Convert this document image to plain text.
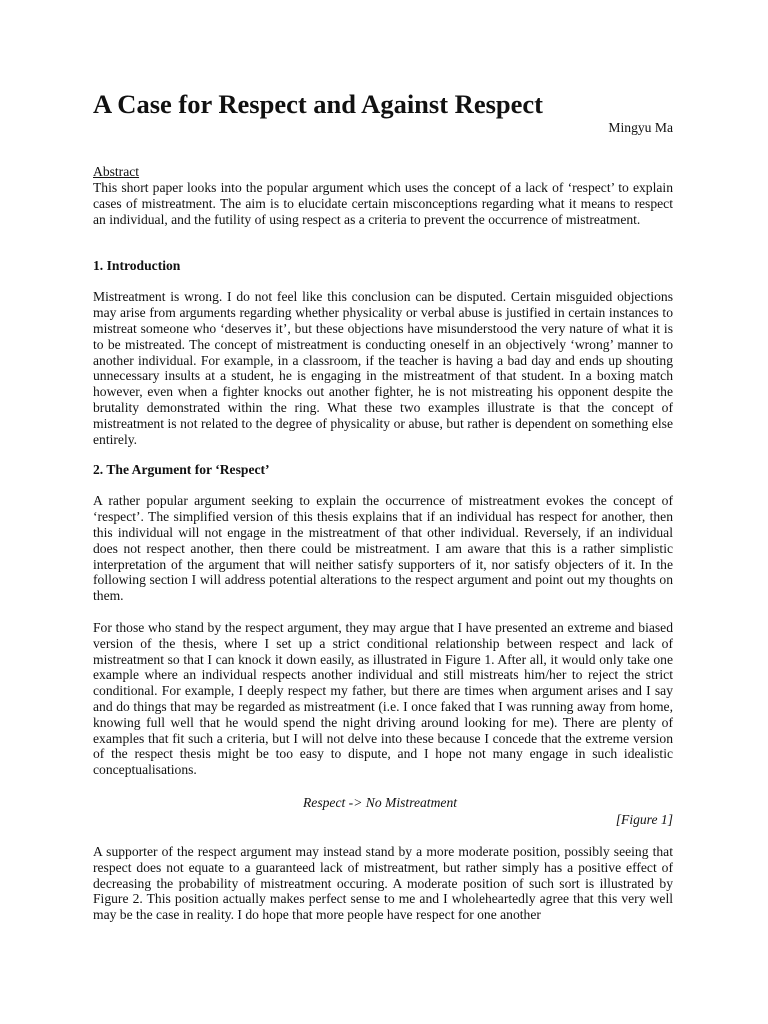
A Case for Respect and Against Respect
Mingyu Ma
Abstract

This short paper looks into the popular argument which uses the concept of a lack of ‘respect’ to explain cases of mistreatment. The aim is to elucidate certain misconceptions regarding what it means to respect an individual, and the futility of using respect as a criteria to prevent the occurrence of mistreatment.

1. Introduction

Mistreatment is wrong. I do not feel like this conclusion can be disputed. Certain misguided objections may arise from arguments regarding whether physicality or verbal abuse is justified in certain instances to mistreat someone who ‘deserves it’, but these objections have misunderstood the very nature of what it is to be mistreated. The concept of mistreatment is conducting oneself in an objectively ‘wrong’ manner to another individual. For example, in a classroom, if the teacher is having a bad day and ends up shouting unnecessary insults at a student, he is engaging in the mistreatment of that student. In a boxing match however, even when a fighter knocks out another fighter, he is not mistreating his opponent despite the brutality demonstrated within the ring. What these two examples illustrate is that the concept of mistreatment is not related to the degree of physicality or abuse, but rather is dependent on something else entirely.

2. The Argument for ‘Respect’

A rather popular argument seeking to explain the occurrence of mistreatment evokes the concept of ‘respect’. The simplified version of this thesis explains that if an individual has respect for another, then this individual will not engage in the mistreatment of that other individual. Reversely, if an individual does not respect another, then there could be mistreatment. I am aware that this is a rather simplistic interpretation of the argument that will neither satisfy supporters of it, nor satisfy objecters of it. In the following section I will address potential alterations to the respect argument and point out my thoughts on them.

For those who stand by the respect argument, they may argue that I have presented an extreme and biased version of the thesis, where I set up a strict conditional relationship between respect and lack of mistreatment so that I can knock it down easily, as illustrated in Figure 1. After all, it would only take one example where an individual respects another individual and still mistreats him/her to reject the strict conditional. For example, I deeply respect my father, but there are times when argument arises and I say and do things that may be regarded as mistreatment (i.e. I once faked that I was running away from home, knowing full well that he would spend the night driving around looking for me). There are plenty of examples that fit such a criteria, but I will not delve into these because I concede that the extreme version of the respect thesis might be too easy to dispute, and I hope not many engage in such idealistic conceptualisations.

Respect -> No Mistreatment
[Figure 1]

A supporter of the respect argument may instead stand by a more moderate position, possibly seeing that respect does not equate to a guaranteed lack of mistreatment, but rather simply has a positive effect of decreasing the probability of mistreatment occuring. A moderate position of such sort is illustrated by Figure 2. This position actually makes perfect sense to me and I wholeheartedly agree that this very well may be the case in reality. I do hope that more people have respect for one another
